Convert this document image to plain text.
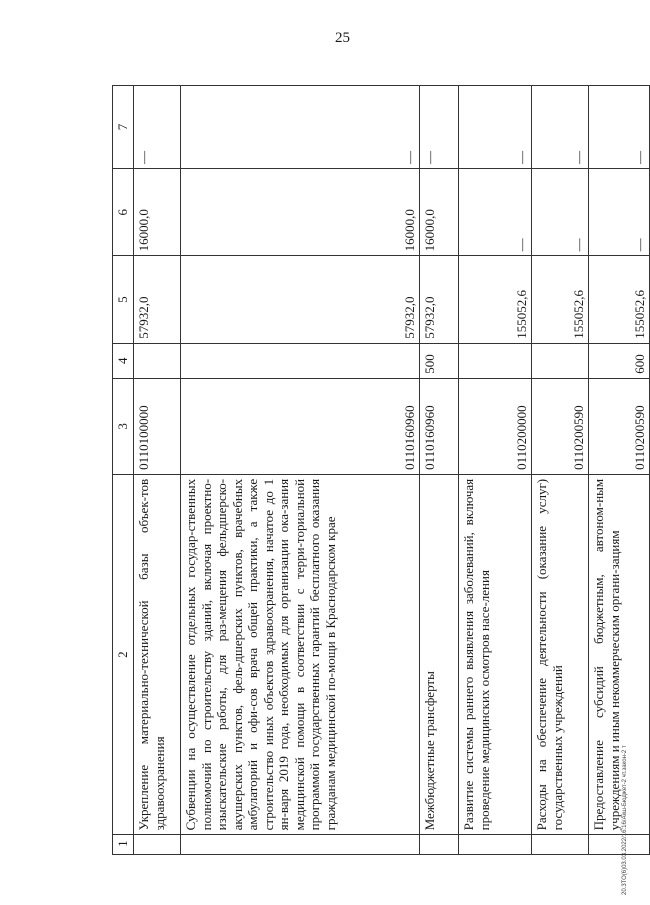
25
20.3ТО(6)03.03.2022/16:16/Акш-Бюджет-2 чт.закон-2 т
1	2	3	4	5	6	7
	Укрепление материально-технической базы объек-тов здравоохранения	0110100000		57932,0	16000,0	—
	Субвенции на осуществление отдельных государ-ственных полномочий по строительству зданий, включая проектно-изыскательские работы, для раз-мещения фельдшерско-акушерских пунктов, фель-дшерских пунктов, врачебных амбулаторий и офи-сов врача общей практики, а также строительство иных объектов здравоохранения, начатое до 1 ян-варя 2019 года, необходимых для организации ока-зания медицинской помощи в соответствии с терри-ториальной программой государственных гарантий бесплатного оказания гражданам медицинской по-мощи в Краснодарском крае	0110160960		57932,0	16000,0	—
	Межбюджетные трансферты	0110160960	500	57932,0	16000,0	—
	Развитие системы раннего выявления заболеваний, включая проведение медицинских осмотров насе-ления	0110200000		155052,6	—	—
	Расходы на обеспечение деятельности (оказание услуг) государственных учреждений	0110200590		155052,6	—	—
	Предоставление субсидий бюджетным, автоном-ным учреждениям и иным некоммерческим органи-зациям	0110200590	600	155052,6	—	—
